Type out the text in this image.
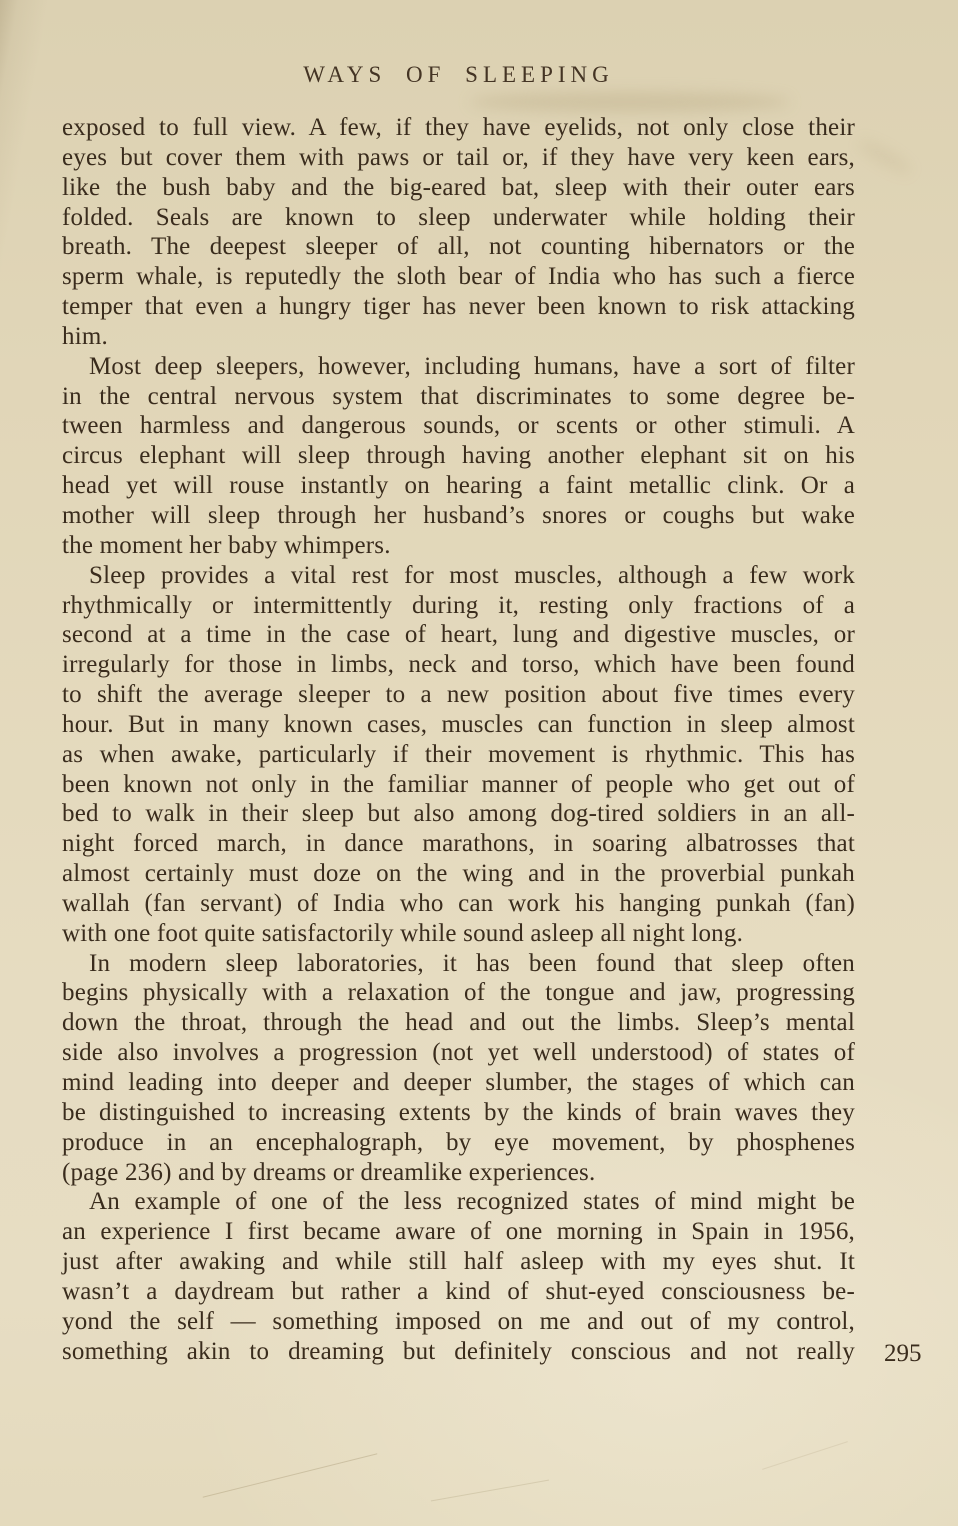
WAYS OF SLEEPING
exposed to full view. A few, if they have eyelids, not only close their
eyes but cover them with paws or tail or, if they have very keen ears,
like the bush baby and the big-eared bat, sleep with their outer ears
folded. Seals are known to sleep underwater while holding their
breath. The deepest sleeper of all, not counting hibernators or the
sperm whale, is reputedly the sloth bear of India who has such a fierce
temper that even a hungry tiger has never been known to risk attacking
him.
Most deep sleepers, however, including humans, have a sort of filter
in the central nervous system that discriminates to some degree be-
tween harmless and dangerous sounds, or scents or other stimuli. A
circus elephant will sleep through having another elephant sit on his
head yet will rouse instantly on hearing a faint metallic clink. Or a
mother will sleep through her husband’s snores or coughs but wake
the moment her baby whimpers.
Sleep provides a vital rest for most muscles, although a few work
rhythmically or intermittently during it, resting only fractions of a
second at a time in the case of heart, lung and digestive muscles, or
irregularly for those in limbs, neck and torso, which have been found
to shift the average sleeper to a new position about five times every
hour. But in many known cases, muscles can function in sleep almost
as when awake, particularly if their movement is rhythmic. This has
been known not only in the familiar manner of people who get out of
bed to walk in their sleep but also among dog-tired soldiers in an all-
night forced march, in dance marathons, in soaring albatrosses that
almost certainly must doze on the wing and in the proverbial punkah
wallah (fan servant) of India who can work his hanging punkah (fan)
with one foot quite satisfactorily while sound asleep all night long.
In modern sleep laboratories, it has been found that sleep often
begins physically with a relaxation of the tongue and jaw, progressing
down the throat, through the head and out the limbs. Sleep’s mental
side also involves a progression (not yet well understood) of states of
mind leading into deeper and deeper slumber, the stages of which can
be distinguished to increasing extents by the kinds of brain waves they
produce in an encephalograph, by eye movement, by phosphenes
(page 236) and by dreams or dreamlike experiences.
An example of one of the less recognized states of mind might be
an experience I first became aware of one morning in Spain in 1956,
just after awaking and while still half asleep with my eyes shut. It
wasn’t a daydream but rather a kind of shut-eyed consciousness be-
yond the self — something imposed on me and out of my control,
something akin to dreaming but definitely conscious and not really 295
